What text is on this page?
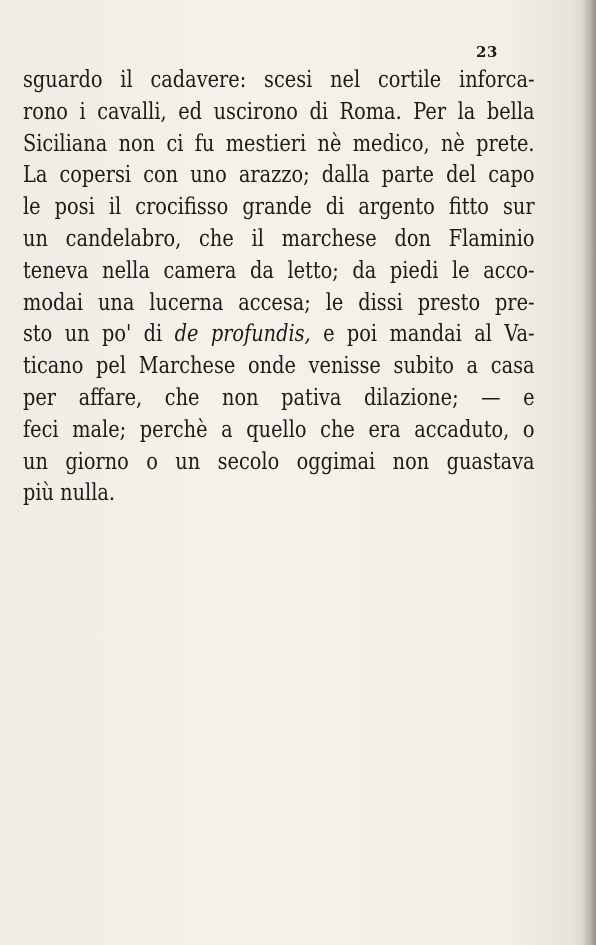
23
sguardo il cadavere: scesi nel cortile inforca-
rono i cavalli, ed uscirono di Roma. Per la bella
Siciliana non ci fu mestieri nè medico, nè prete.
La copersi con uno arazzo; dalla parte del capo
le posi il crocifisso grande di argento fitto sur
un candelabro, che il marchese don Flaminio
teneva nella camera da letto; da piedi le acco-
modai una lucerna accesa; le dissi presto pre-
sto un po' di de profundis, e poi mandai al Va-
ticano pel Marchese onde venisse subito a casa
per affare, che non pativa dilazione; — e
feci male; perchè a quello che era accaduto, o
un giorno o un secolo oggimai non guastava
più nulla.
